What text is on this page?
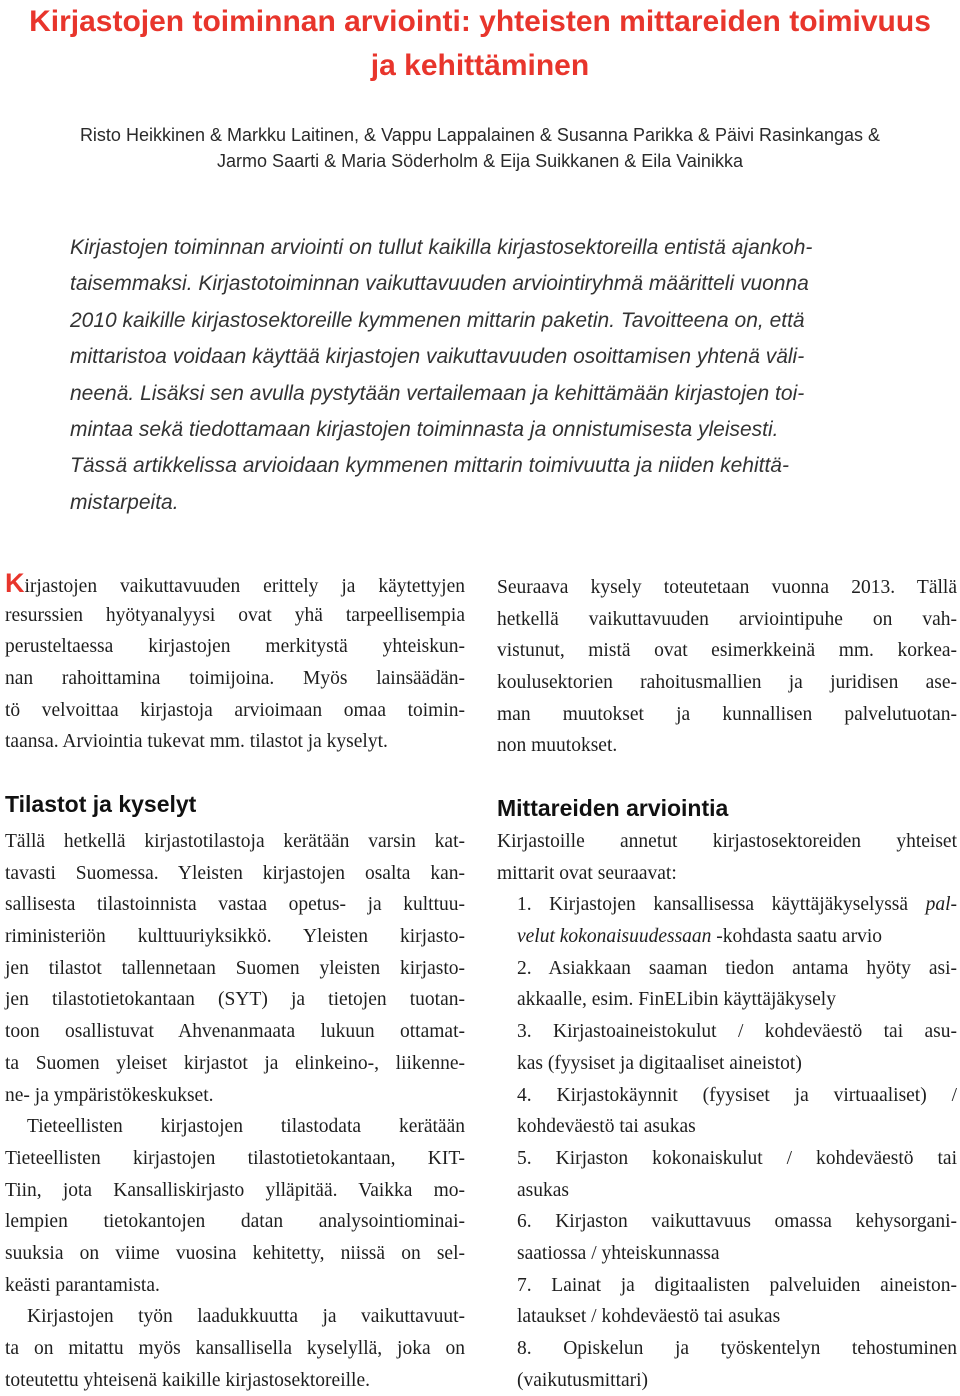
Kirjastojen toiminnan arviointi: yhteisten mittareiden toimivuus
ja kehittäminen
Risto Heikkinen & Markku Laitinen, & Vappu Lappalainen & Susanna Parikka & Päivi Rasinkangas &
Jarmo Saarti & Maria Söderholm & Eija Suikkanen & Eila Vainikka
Kirjastojen toiminnan arviointi on tullut kaikilla kirjastosektoreilla entistä ajankoh-
taisemmaksi. Kirjastotoiminnan vaikuttavuuden arviointiryhmä määritteli vuonna
2010 kaikille kirjastosektoreille kymmenen mittarin paketin. Tavoitteena on, että
mittaristoa voidaan käyttää kirjastojen vaikuttavuuden osoittamisen yhtenä väli-
neenä. Lisäksi sen avulla pystytään vertailemaan ja kehittämään kirjastojen toi-
mintaa sekä tiedottamaan kirjastojen toiminnasta ja onnistumisesta yleisesti.
Tässä artikkelissa arvioidaan kymmenen mittarin toimivuutta ja niiden kehittä-
mistarpeita.
Kirjastojen vaikuttavuuden erittely ja käytettyjen
resurssien hyötyanalyysi ovat yhä tarpeellisempia
perusteltaessa kirjastojen merkitystä yhteiskun-
nan rahoittamina toimijoina. Myös lainsäädän-
tö velvoittaa kirjastoja arvioimaan omaa toimin-
taansa. Arviointia tukevat mm. tilastot ja kyselyt.
Tilastot ja kyselyt
Tällä hetkellä kirjastotilastoja kerätään varsin kat-
tavasti Suomessa. Yleisten kirjastojen osalta kan-
sallisesta tilastoinnista vastaa opetus- ja kulttuu-
riministeriön kulttuuriyksikkö. Yleisten kirjasto-
jen tilastot tallennetaan Suomen yleisten kirjasto-
jen tilastotietokantaan (SYT) ja tietojen tuotan-
toon osallistuvat Ahvenanmaata lukuun ottamat-
ta Suomen yleiset kirjastot ja elinkeino-, liikenne-
ne- ja ympäristökeskukset.
Tieteellisten kirjastojen tilastodata kerätään
Tieteellisten kirjastojen tilastotietokantaan, KIT-
Tiin, jota Kansalliskirjasto ylläpitää. Vaikka mo-
lempien tietokantojen datan analysointiominai-
suuksia on viime vuosina kehitetty, niissä on sel-
keästi parantamista.
Kirjastojen työn laadukkuutta ja vaikuttavuut-
ta on mitattu myös kansallisella kyselyllä, joka on
toteutettu yhteisenä kaikille kirjastosektoreille.
Seuraava kysely toteutetaan vuonna 2013. Tällä
hetkellä vaikuttavuuden arviointipuhe on vah-
vistunut, mistä ovat esimerkkeinä mm. korkea-
koulusektorien rahoitusmallien ja juridisen ase-
man muutokset ja kunnallisen palvelutuotan-
non muutokset.
Mittareiden arviointia
Kirjastoille annetut kirjastosektoreiden yhteiset
mittarit ovat seuraavat:
1. Kirjastojen kansallisessa käyttäjäkyselyssä pal-
velut kokonaisuudessaan -kohdasta saatu arvio
2. Asiakkaan saaman tiedon antama hyöty asi-
akkaalle, esim. FinELibin käyttäjäkysely
3. Kirjastoaineistokulut / kohdeväestö tai asu-
kas (fyysiset ja digitaaliset aineistot)
4. Kirjastokäynnit (fyysiset ja virtuaaliset) /
kohdeväestö tai asukas
5. Kirjaston kokonaiskulut / kohdeväestö tai
asukas
6. Kirjaston vaikuttavuus omassa kehysorgani-
saatiossa / yhteiskunnassa
7. Lainat ja digitaalisten palveluiden aineiston-
lataukset / kohdeväestö tai asukas
8. Opiskelun ja työskentelyn tehostuminen
(vaikutusmittari)
